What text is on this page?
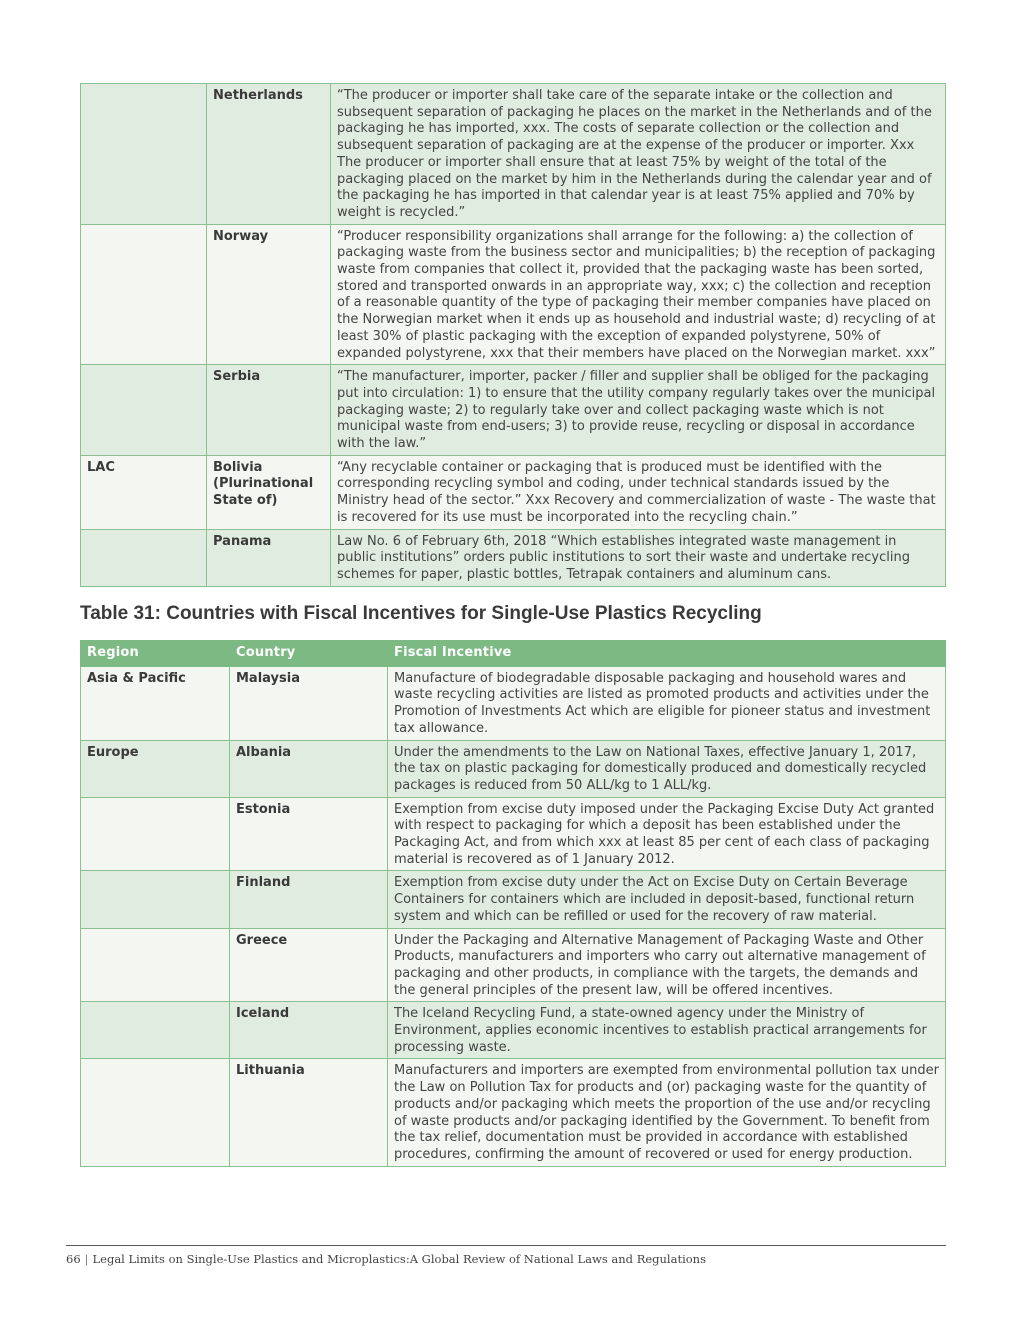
	Netherlands	“The producer or importer shall take care of the separate intake or the collection and subsequent separation of packaging he places on the market in the Netherlands and of the packaging he has imported, xxx. The costs of separate collection or the collection and subsequent separation of packaging are at the expense of the producer or importer. Xxx The producer or importer shall ensure that at least 75% by weight of the total of the packaging placed on the market by him in the Netherlands during the calendar year and of the packaging he has imported in that calendar year is at least 75% applied and 70% by weight is recycled.”
	Norway	“Producer responsibility organizations shall arrange for the following: a) the collection of packaging waste from the business sector and municipalities; b) the reception of packaging waste from companies that collect it, provided that the packaging waste has been sorted, stored and transported onwards in an appropriate way, xxx; c) the collection and reception of a reasonable quantity of the type of packaging their member companies have placed on the Norwegian market when it ends up as household and industrial waste; d) recycling of at least 30% of plastic packaging with the exception of expanded polystyrene, 50% of expanded polystyrene, xxx that their members have placed on the Norwegian market. xxx”
	Serbia	“The manufacturer, importer, packer / filler and supplier shall be obliged for the packaging put into circulation: 1) to ensure that the utility company regularly takes over the municipal packaging waste; 2) to regularly take over and collect packaging waste which is not municipal waste from end-users; 3) to provide reuse, recycling or disposal in accordance with the law.”
LAC	Bolivia (Plurinational State of)	“Any recyclable container or packaging that is produced must be identified with the corresponding recycling symbol and coding, under technical standards issued by the Ministry head of the sector.” Xxx Recovery and commercialization of waste - The waste that is recovered for its use must be incorporated into the recycling chain.”
	Panama	Law No. 6 of February 6th, 2018 “Which establishes integrated waste management in public institutions” orders public institutions to sort their waste and undertake recycling schemes for paper, plastic bottles, Tetrapak containers and aluminum cans.
Table 31: Countries with Fiscal Incentives for Single-Use Plastics Recycling
Region	Country	Fiscal Incentive
Asia & Pacific	Malaysia	Manufacture of biodegradable disposable packaging and household wares and waste recycling activities are listed as promoted products and activities under the Promotion of Investments Act which are eligible for pioneer status and investment tax allowance.
Europe	Albania	Under the amendments to the Law on National Taxes, effective January 1, 2017, the tax on plastic packaging for domestically produced and domestically recycled packages is reduced from 50 ALL/kg to 1 ALL/kg.
	Estonia	Exemption from excise duty imposed under the Packaging Excise Duty Act granted with respect to packaging for which a deposit has been established under the Packaging Act, and from which xxx at least 85 per cent of each class of packaging material is recovered as of 1 January 2012.
	Finland	Exemption from excise duty under the Act on Excise Duty on Certain Beverage Containers for containers which are included in deposit-based, functional return system and which can be refilled or used for the recovery of raw material.
	Greece	Under the Packaging and Alternative Management of Packaging Waste and Other Products, manufacturers and importers who carry out alternative management of packaging and other products, in compliance with the targets, the demands and the general principles of the present law, will be offered incentives.
	Iceland	The Iceland Recycling Fund, a state-owned agency under the Ministry of Environment, applies economic incentives to establish practical arrangements for processing waste.
	Lithuania	Manufacturers and importers are exempted from environmental pollution tax under the Law on Pollution Tax for products and (or) packaging waste for the quantity of products and/or packaging which meets the proportion of the use and/or recycling of waste products and/or packaging identified by the Government. To benefit from the tax relief, documentation must be provided in accordance with established procedures, confirming the amount of recovered or used for energy production.
66 | Legal Limits on Single-Use Plastics and Microplastics:A Global Review of National Laws and Regulations
